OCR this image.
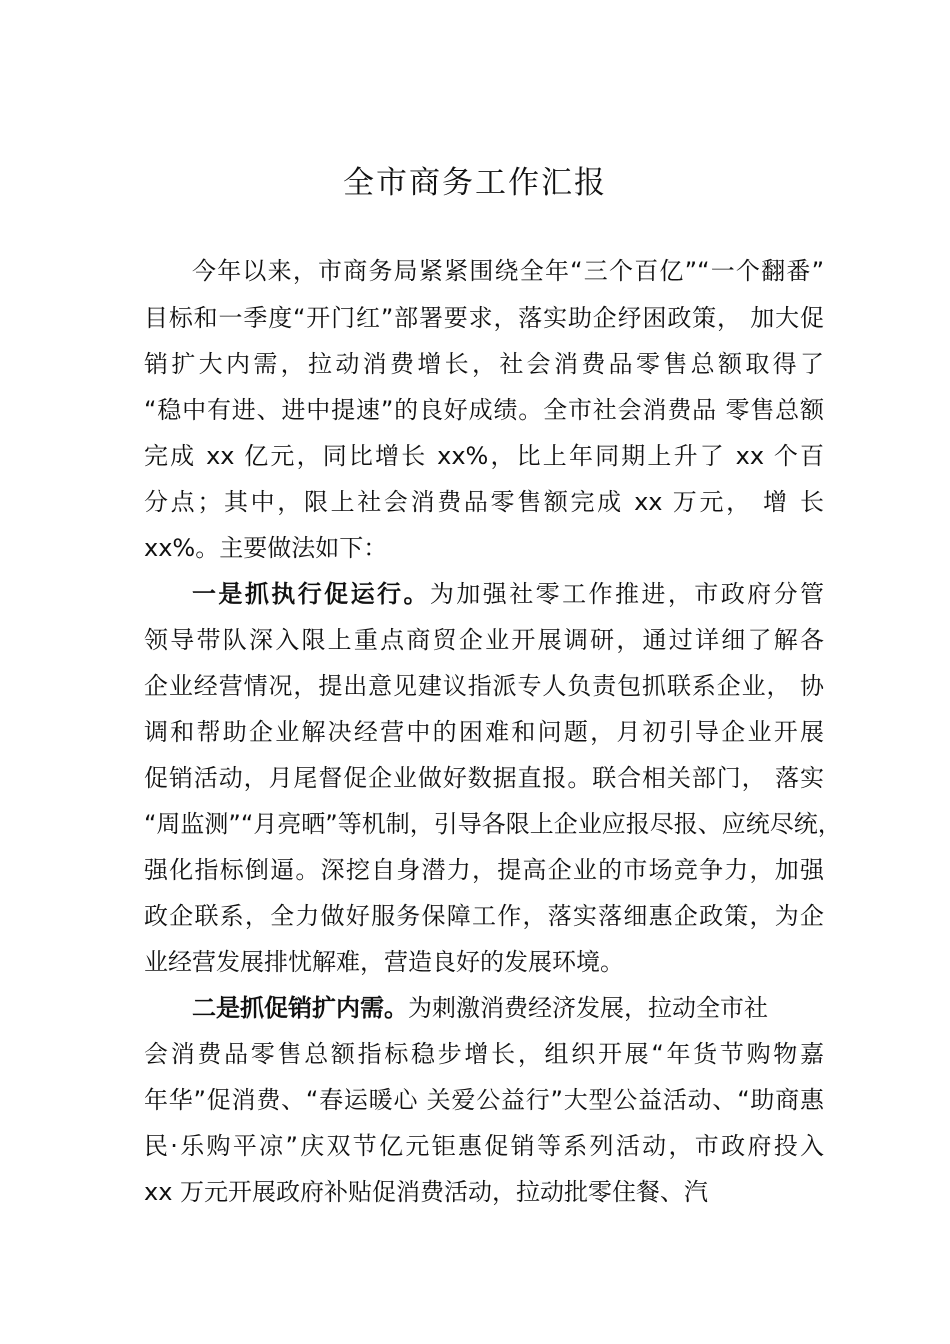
全市商务工作汇报
今年以来，市商务局紧紧围绕全年“三个百亿”“一个翻番”
目标和一季度“开门红”部署要求，落实助企纾困政策， 加大促
销扩大内需，拉动消费增长，社会消费品零售总额取得了
“稳中有进、进中提速”的良好成绩。全市社会消费品 零售总额
完成 xx 亿元，同比增长 xx%，比上年同期上升了 xx 个百
分点；其中，限上社会消费品零售额完成 xx 万元， 增 长
xx%。主要做法如下：
一是抓执行促运行。为加强社零工作推进，市政府分管
领导带队深入限上重点商贸企业开展调研，通过详细了解各
企业经营情况，提出意见建议指派专人负责包抓联系企业， 协
调和帮助企业解决经营中的困难和问题，月初引导企业开展
促销活动，月尾督促企业做好数据直报。联合相关部门， 落实
“周监测”“月亮晒”等机制，引导各限上企业应报尽报、应统尽统，
强化指标倒逼。深挖自身潜力，提高企业的市场竞争力，加强
政企联系，全力做好服务保障工作，落实落细惠企政策，为企
业经营发展排忧解难，营造良好的发展环境。
二是抓促销扩内需。为刺激消费经济发展，拉动全市社
会消费品零售总额指标稳步增长，组织开展“年货节购物嘉
年华”促消费、“春运暖心 关爱公益行”大型公益活动、“助商惠
民·乐购平凉”庆双节亿元钜惠促销等系列活动，市政府投入
xx 万元开展政府补贴促消费活动，拉动批零住餐、汽
